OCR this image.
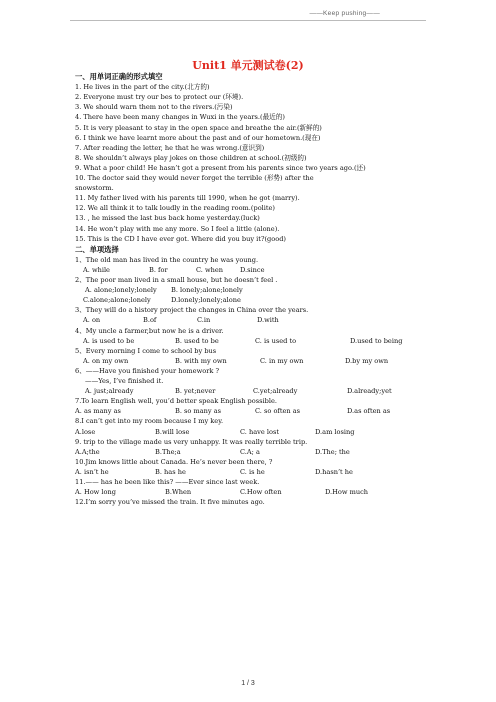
——Keep pushing——
Unit1 单元测试卷(2)
一、用单词正确的形式填空
1. He lives in the part of the city.(北方的)
2. Everyone must try our bes to protect our (环境).
3. We should warn them not to the rivers.(污染)
4. There have been many changes in Wuxi in the years.(最近的)
5. It is very pleasant to stay in the open space and breathe the air.(新鲜的)
6. I think we have learnt more about the past and of our hometown.(现在)
7. After reading the letter, he that he was wrong.(意识到)
8. We shouldn’t always play jokes on those children at school.(初级的)
9. What a poor child! He hasn’t got a present from his parents since two years ago.(还)
10. The doctor said they would never forget the terrible (形势) after the
snowstorm.
11. My father lived with his parents till 1990, when he got (marry).
12. We all think it to talk loudly in the reading room.(polite)
13. , he missed the last bus back home yesterday.(luck)
14. He won’t play with me any more. So I feel a little (alone).
15. This is the CD I have ever got. Where did you buy it?(good)
二、单项选择
1、The old man has lived in the country he was young.
A. while	B. for	C. when	D.since
2、The poor man lived in a small house, but he doesn’t feel .
A. alone;lonely;lonely B. lonely;alone;lonely
C.alone;alone;lonely	D.lonely;lonely;alone
3、They will do a history project the changes in China over the years.
A. on	B.of	C.in	D.with
4、My uncle a farmer,but now he is a driver.
A. is used to be	B. used to be	C. is used to	D.used to being
5、Every morning I come to school by bus
A. on my own	B. with my own	C. in my own	D.by my own
6、——Have you finished your homework ?
——Yes, I’ve finished it.
A. just;already	B. yet;never	C.yet;already	D.already;yet
7.To learn English well, you’d better speak English possible.
A. as many as	B. so many as	C. so often as	D.as often as
8.I can’t get into my room because I my key.
A.lose	B.will lose	C. have lost	D.am losing
9. trip to the village made us very unhappy. It was really terrible trip.
A.A;the	B.The;a	C.A; a	D.The; the
10.Jim knows little about Canada. He’s never been there, ?
A. isn’t he	B. has he	C. is he	D.hasn’t he
11.—— has he been like this? ——Ever since last week.
A. How long	B.When	C.How often	D.How much
12.I’m sorry you’ve missed the train. It five minutes ago.
1 / 3
